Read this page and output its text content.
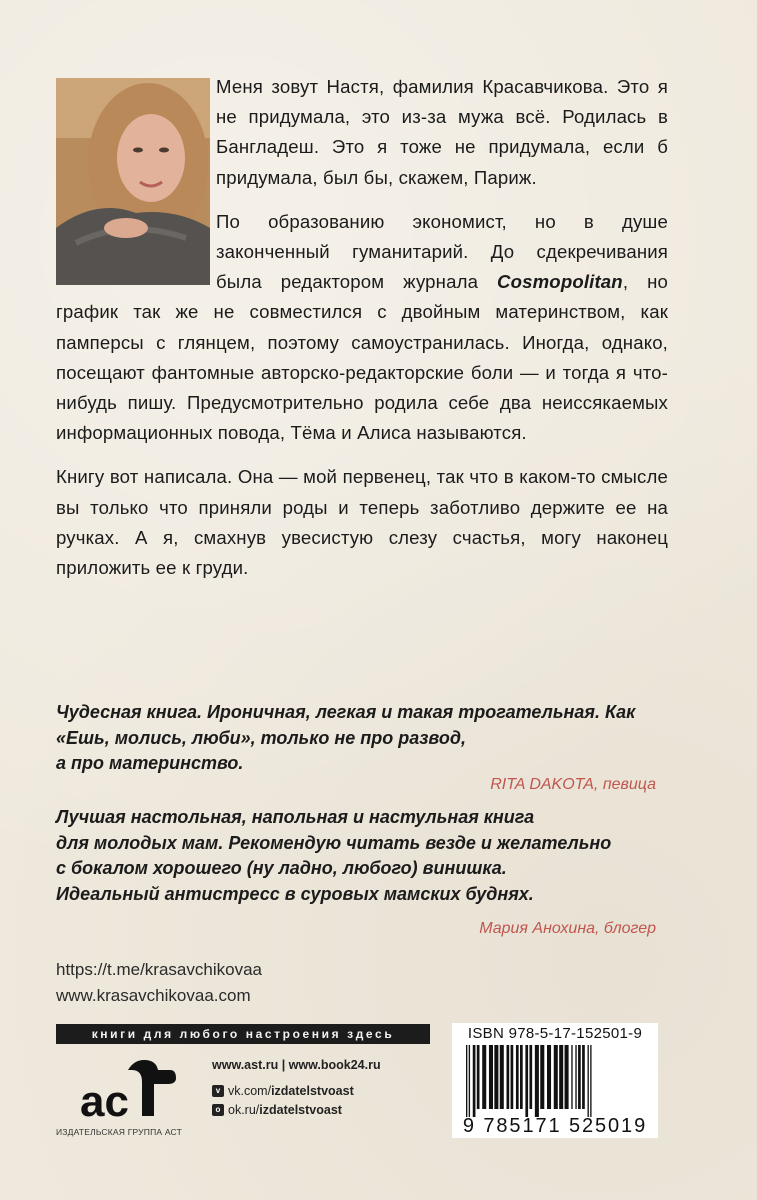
Меня зовут Настя, фамилия Красавчикова. Это я не придумала, это из-за мужа всё. Родилась в Бангладеш. Это я тоже не придумала, если б придумала, был бы, скажем, Париж.

По образованию экономист, но в душе законченный гуманитарий. До сдекречивания была редактором журнала Cosmopolitan, но график так же не совместился с двойным материнством, как памперсы с глянцем, поэтому самоустранилась. Иногда, однако, посещают фантомные авторско-редакторские боли — и тогда я что-нибудь пишу. Предусмотрительно родила себе два неиссякаемых информационных повода, Тёма и Алиса называются.

Книгу вот написала. Она — мой первенец, так что в каком-то смысле вы только что приняли роды и теперь заботливо держите ее на ручках. А я, смахнув увесистую слезу счастья, могу наконец приложить ее к груди.

Чудесная книга. Ироничная, легкая и такая трогательная. Как
«Ешь, молись, люби», только не про развод,
а про материнство.
RITA DAKOTA, певица
Лучшая настольная, напольная и настульная книга
для молодых мам. Рекомендую читать везде и желательно
с бокалом хорошего (ну ладно, любого) винишка.
Идеальный антистресс в суровых мамских буднях.
Мария Анохина, блогер
https://t.me/krasavchikovaa
www.krasavchikovaa.com
книги для любого настроения здесь
ac
ИЗДАТЕЛЬСКАЯ ГРУППА АСТ
www.ast.ru | www.book24.ru
v vk.com/ izdatelstvoast
o ok.ru/ izdatelstvoast
ISBN 978-5-17-152501-9
9 785171 525019
